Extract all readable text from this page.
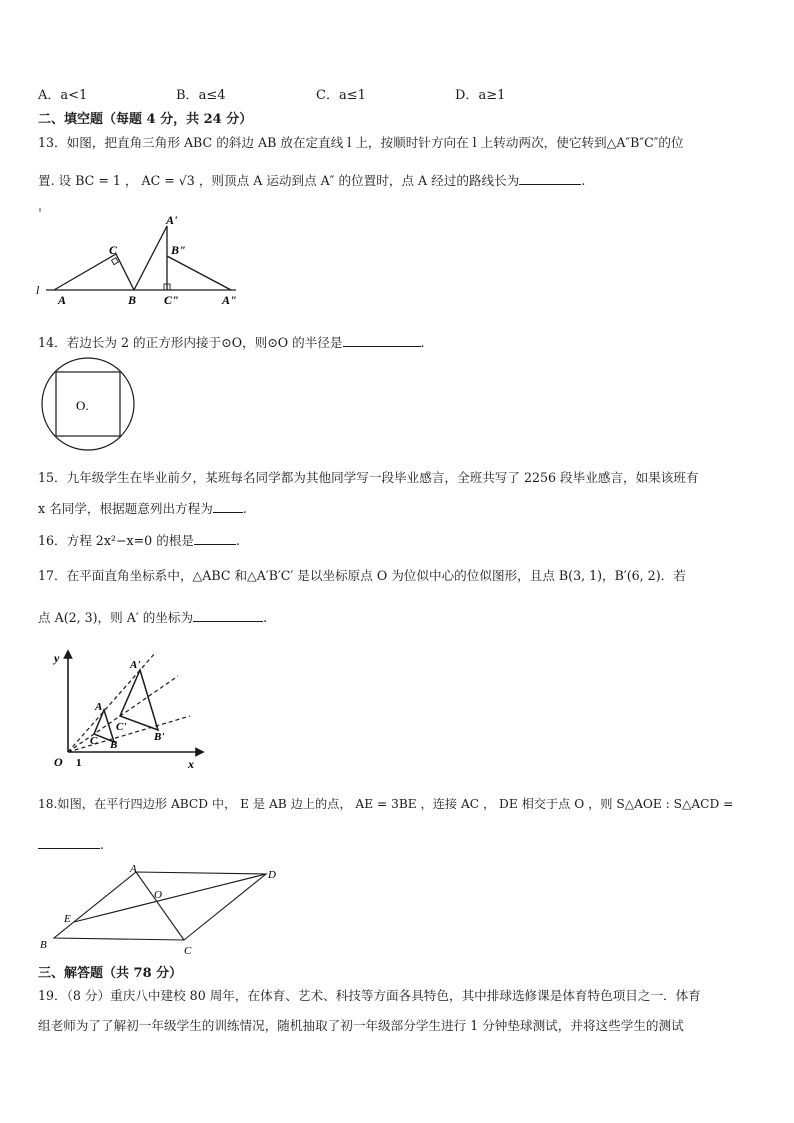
A．a<1	B．a≤4	C．a≤1	D．a≥1
二、填空题（每题 4 分，共 24 分）
13．如图，把直角三角形 ABC 的斜边 AB 放在定直线 l 上，按顺时针方向在 l 上转动两次，使它转到△A″B″C″的位
置. 设 BC = 1 ， AC = √3 ，则顶点 A 运动到点 A″ 的位置时，点 A 经过的路线长为	.
l
A	B
C
A'
B"
C"	A"
14．若边长为 2 的正方形内接于⊙O，则⊙O 的半径是	.
O.
15．九年级学生在毕业前夕，某班每名同学都为其他同学写一段毕业感言，全班共写了 2256 段毕业感言，如果该班有
x 名同学，根据题意列出方程为 .
16．方程 2x²−x=0 的根是	.
17．在平面直角坐标系中，△ABC 和△A′B′C′ 是以坐标原点 O 为位似中心的位似图形，且点 B(3, 1)，B′(6, 2)．若
点 A(2, 3)，则 A′ 的坐标为	.
y
x
O 1
A
B
C
A'
B'
C'
18.如图，在平行四边形 ABCD 中， E 是 AB 边上的点， AE = 3BE ，连接 AC ， DE 相交于点 O ，则 S△AOE : S△ACD =
.
A
B	C
D
E
O
三、解答题（共 78 分）
19．（8 分）重庆八中建校 80 周年，在体育、艺术、科技等方面各具特色，其中排球选修课是体育特色项目之一．体育
组老师为了了解初一年级学生的训练情况，随机抽取了初一年级部分学生进行 1 分钟垫球测试，并将这些学生的测试
